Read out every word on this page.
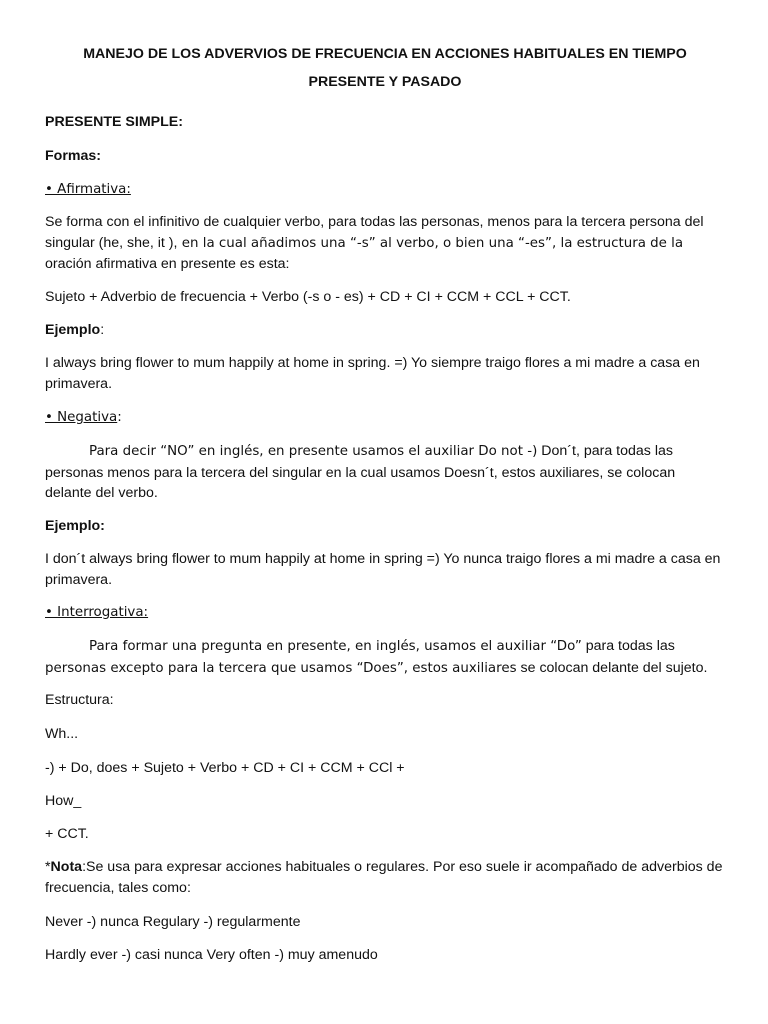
MANEJO DE LOS ADVERVIOS DE FRECUENCIA EN ACCIONES HABITUALES EN TIEMPO
PRESENTE Y PASADO
PRESENTE SIMPLE:
Formas:
• Afirmativa:
Se forma con el infinitivo de cualquier verbo, para todas las personas, menos para la tercera persona del singular (he, she, it ), en la cual añadimos una “-s” al verbo, o bien una “-es”, la estructura de la oración afirmativa en presente es esta:
Sujeto + Adverbio de frecuencia + Verbo (-s o - es) + CD + CI + CCM + CCL + CCT.
Ejemplo:
I always bring flower to mum happily at home in spring. =) Yo siempre traigo flores a mi madre a casa en primavera.
• Negativa:
Para decir “NO” en inglés, en presente usamos el auxiliar Do not -) Don´t, para todas las personas menos para la tercera del singular en la cual usamos Doesn´t, estos auxiliares, se colocan delante del verbo.
Ejemplo:
I don´t always bring flower to mum happily at home in spring =) Yo nunca traigo flores a mi madre a casa en primavera.
• Interrogativa:
Para formar una pregunta en presente, en inglés, usamos el auxiliar “Do” para todas las personas excepto para la tercera que usamos “Does”, estos auxiliares se colocan delante del sujeto.
Estructura:
Wh...
-) + Do, does + Sujeto + Verbo + CD + CI + CCM + CCl +
How_
+ CCT.
*Nota:Se usa para expresar acciones habituales o regulares. Por eso suele ir acompañado de adverbios de frecuencia, tales como:
Never -) nunca Regulary -) regularmente
Hardly ever -) casi nunca Very often -) muy amenudo
